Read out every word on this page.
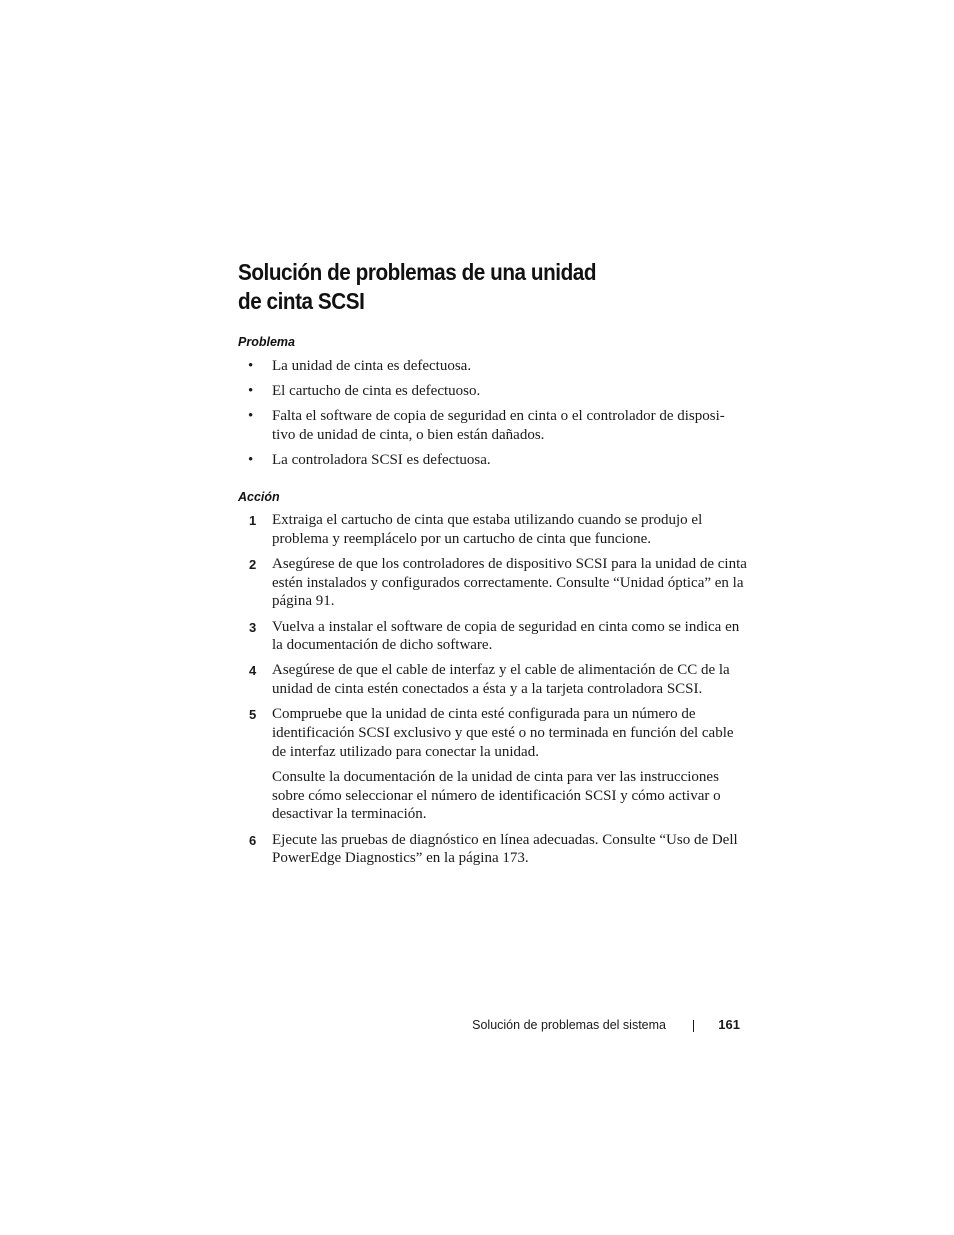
Solución de problemas de una unidad
de cinta SCSI

Problema

• La unidad de cinta es defectuosa.
• El cartucho de cinta es defectuoso.
• Falta el software de copia de seguridad en cinta o el controlador de disposi-tivo de unidad de cinta, o bien están dañados.
• La controladora SCSI es defectuosa.

Acción

1 Extraiga el cartucho de cinta que estaba utilizando cuando se produjo el problema y reemplácelo por un cartucho de cinta que funcione.
2 Asegúrese de que los controladores de dispositivo SCSI para la unidad de cinta estén instalados y configurados correctamente. Consulte “Unidad óptica” en la página 91.
3 Vuelva a instalar el software de copia de seguridad en cinta como se indica en la documentación de dicho software.
4 Asegúrese de que el cable de interfaz y el cable de alimentación de CC de la unidad de cinta estén conectados a ésta y a la tarjeta controladora SCSI.
5 Compruebe que la unidad de cinta esté configurada para un número de identificación SCSI exclusivo y que esté o no terminada en función del cable de interfaz utilizado para conectar la unidad.
Consulte la documentación de la unidad de cinta para ver las instrucciones sobre cómo seleccionar el número de identificación SCSI y cómo activar o desactivar la terminación.
6 Ejecute las pruebas de diagnóstico en línea adecuadas. Consulte “Uso de Dell PowerEdge Diagnostics” en la página 173.
Solución de problemas del sistema	161
